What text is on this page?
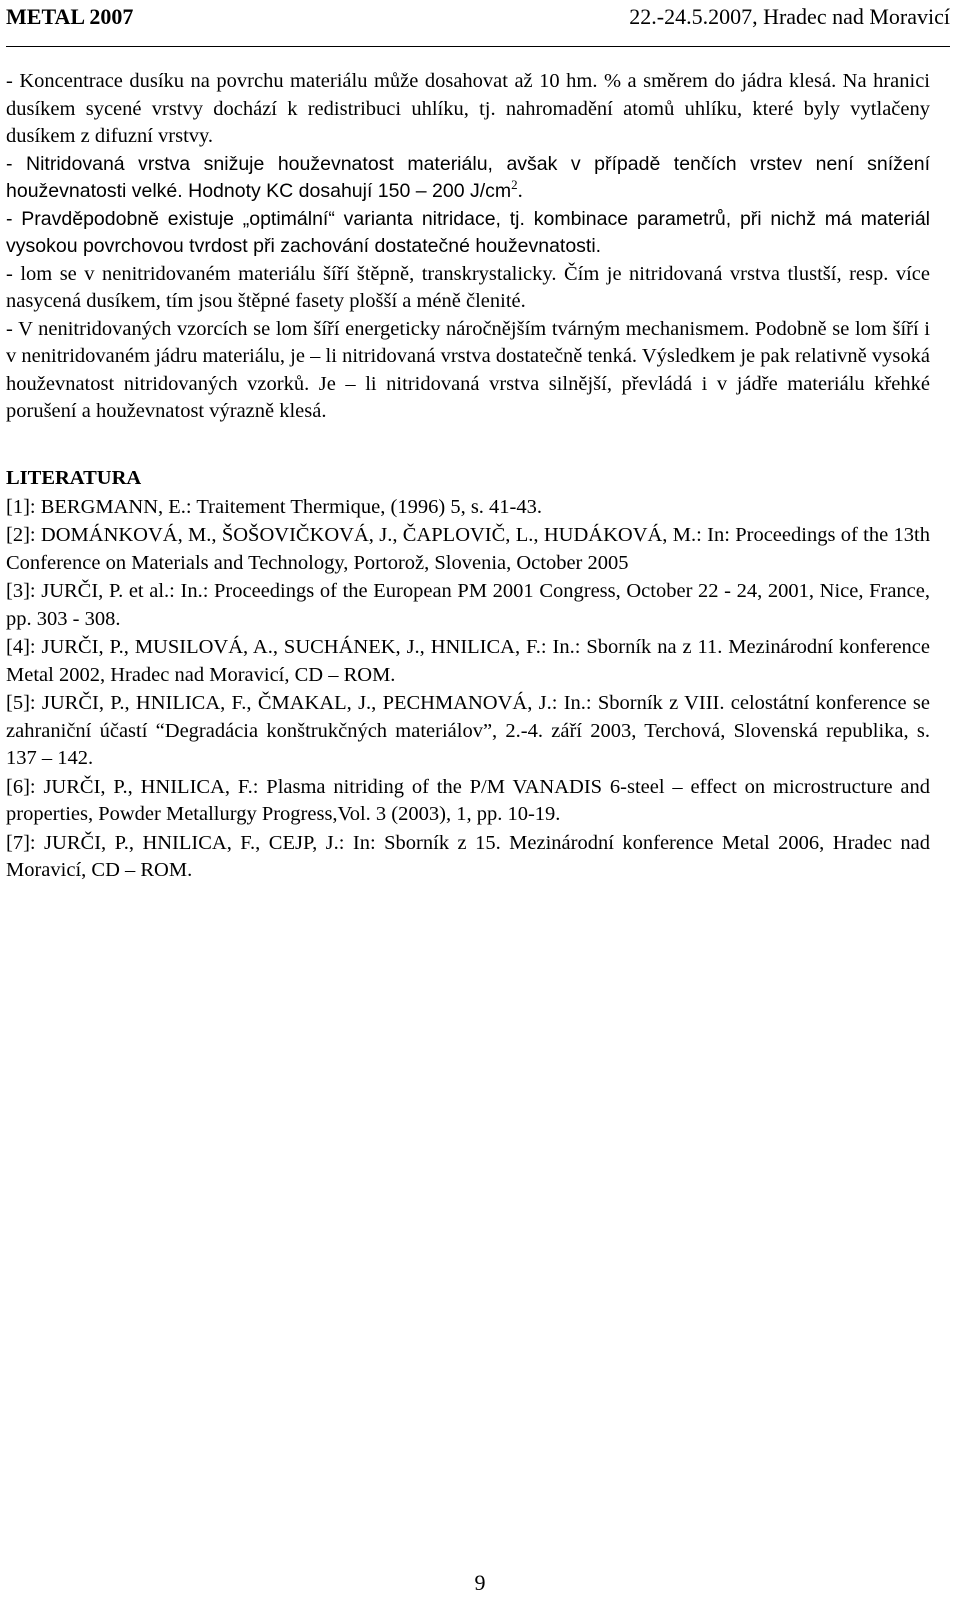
METAL 2007	22.-24.5.2007, Hradec nad Moravicí

- Koncentrace dusíku na povrchu materiálu může dosahovat až 10 hm. % a směrem do jádra klesá. Na hranici dusíkem sycené vrstvy dochází k redistribuci uhlíku, tj. nahromadění atomů uhlíku, které byly vytlačeny dusíkem z difuzní vrstvy.

- Nitridovaná vrstva snižuje houževnatost materiálu, avšak v případě tenčích vrstev není snížení houževnatosti velké. Hodnoty KC dosahují 150 – 200 $J/cm^2$.

- Pravděpodobně existuje „optimální“ varianta nitridace, tj. kombinace parametrů, při nichž má materiál vysokou povrchovou tvrdost při zachování dostatečné houževnatosti.

- lom se v nenitridovaném materiálu šíří štěpně, transkrystalicky. Čím je nitridovaná vrstva tlustší, resp. více nasycená dusíkem, tím jsou štěpné fasety plošší a méně členité.

- V nenitridovaných vzorcích se lom šíří energeticky náročnějším tvárným mechanismem. Podobně se lom šíří i v nenitridovaném jádru materiálu, je – li nitridovaná vrstva dostatečně tenká. Výsledkem je pak relativně vysoká houževnatost nitridovaných vzorků. Je – li nitridovaná vrstva silnější, převládá i v jádře materiálu křehké porušení a houževnatost výrazně klesá.

LITERATURA

[1]: BERGMANN, E.: Traitement Thermique, (1996) 5, s. 41-43.

[2]: DOMÁNKOVÁ, M., ŠOŠOVIČKOVÁ, J., ČAPLOVIČ, L., HUDÁKOVÁ, M.: In: Proceedings of the 13th Conference on Materials and Technology, Portorož, Slovenia, October 2005

[3]: JURČI, P. et al.: In.: Proceedings of the European PM 2001 Congress, October 22 - 24, 2001, Nice, France, pp. 303 - 308.

[4]: JURČI, P., MUSILOVÁ, A., SUCHÁNEK, J., HNILICA, F.: In.: Sborník na z 11. Mezinárodní konference Metal 2002, Hradec nad Moravicí, CD – ROM.

[5]: JURČI, P., HNILICA, F., ČMAKAL, J., PECHMANOVÁ, J.: In.: Sborník z VIII. celostátní konference se zahraniční účastí “Degradácia konštrukčných materiálov”, 2.-4. září 2003, Terchová, Slovenská republika, s. 137 – 142.

[6]: JURČI, P., HNILICA, F.: Plasma nitriding of the P/M VANADIS 6-steel – effect on microstructure and properties, Powder Metallurgy Progress,Vol. 3 (2003), 1, pp. 10-19.

[7]: JURČI, P., HNILICA, F., CEJP, J.: In: Sborník z 15. Mezinárodní konference Metal 2006, Hradec nad Moravicí, CD – ROM.

9
